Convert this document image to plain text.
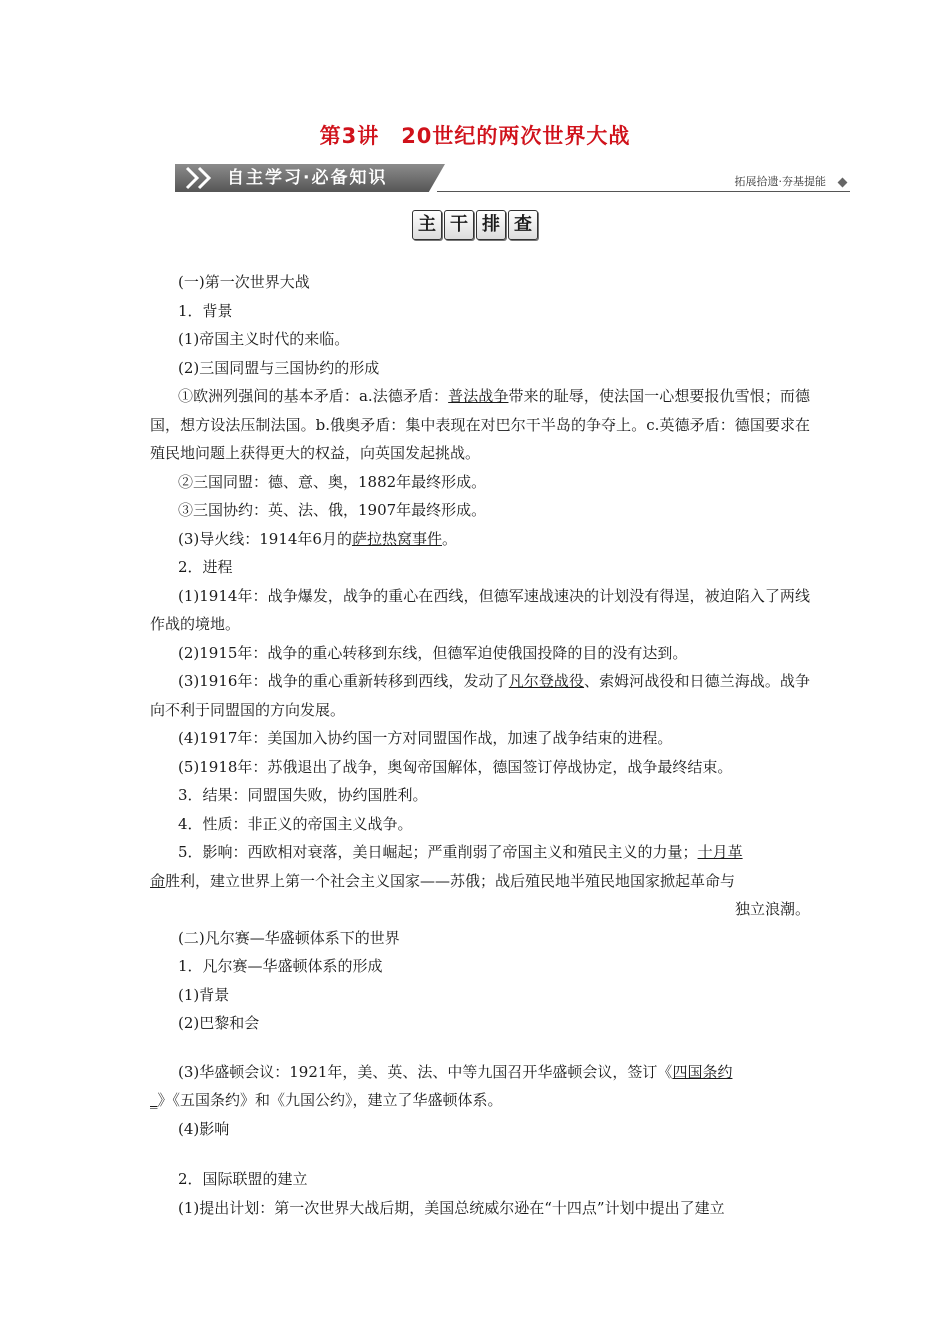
第3讲　20世纪的两次世界大战
自主学习·必备知识	拓展拾遗·夯基提能
主 干 排 查

(一)第一次世界大战

1．背景

(1)帝国主义时代的来临。

(2)三国同盟与三国协约的形成

①欧洲列强间的基本矛盾：a.法德矛盾：普法战争带来的耻辱，使法国一心想要报仇雪恨；而德国，想方设法压制法国。b.俄奥矛盾：集中表现在对巴尔干半岛的争夺上。c.英德矛盾：德国要求在殖民地问题上获得更大的权益，向英国发起挑战。

②三国同盟：德、意、奥，1882年最终形成。

③三国协约：英、法、俄，1907年最终形成。

(3)导火线：1914年6月的萨拉热窝事件。

2．进程

(1)1914年：战争爆发，战争的重心在西线，但德军速战速决的计划没有得逞，被迫陷入了两线作战的境地。

(2)1915年：战争的重心转移到东线，但德军迫使俄国投降的目的没有达到。

(3)1916年：战争的重心重新转移到西线，发动了凡尔登战役、索姆河战役和日德兰海战。战争向不利于同盟国的方向发展。

(4)1917年：美国加入协约国一方对同盟国作战，加速了战争结束的进程。

(5)1918年：苏俄退出了战争，奥匈帝国解体，德国签订停战协定，战争最终结束。

3．结果：同盟国失败，协约国胜利。

4．性质：非正义的帝国主义战争。

5．影响：西欧相对衰落，美日崛起；严重削弱了帝国主义和殖民主义的力量；十月革

命胜利，建立世界上第一个社会主义国家——苏俄；战后殖民地半殖民地国家掀起革命与

独立浪潮。

(二)凡尔赛—华盛顿体系下的世界

1．凡尔赛—华盛顿体系的形成

(1)背景

(2)巴黎和会

(3)华盛顿会议：1921年，美、英、法、中等九国召开华盛顿会议，签订《四国条约

_》《五国条约》和《九国公约》，建立了华盛顿体系。

(4)影响

2．国际联盟的建立

(1)提出计划：第一次世界大战后期，美国总统威尔逊在“十四点”计划中提出了建立
